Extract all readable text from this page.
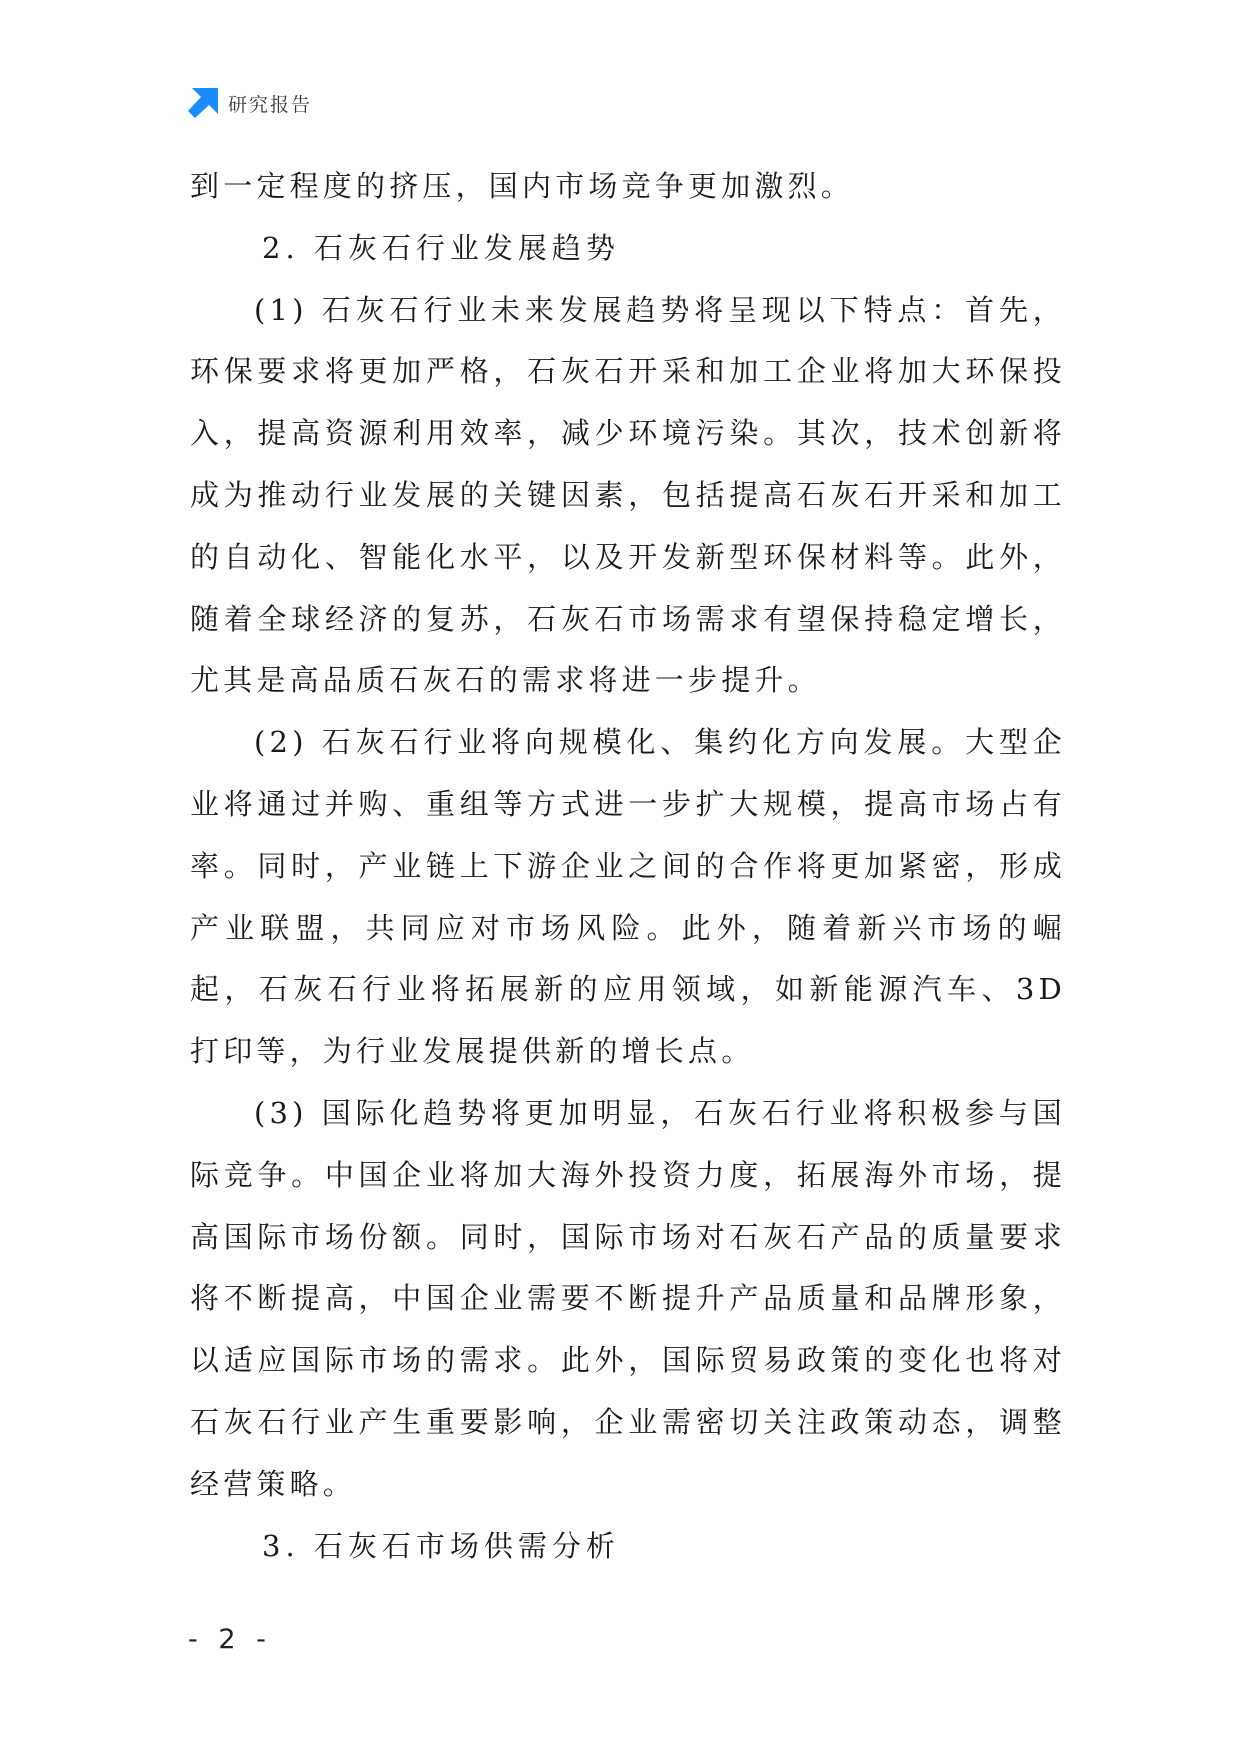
研究报告

到一定程度的挤压，国内市场竞争更加激烈。

2. 石灰石行业发展趋势

(1) 石灰石行业未来发展趋势将呈现以下特点：首先，环保要求将更加严格，石灰石开采和加工企业将加大环保投入，提高资源利用效率，减少环境污染。其次，技术创新将成为推动行业发展的关键因素，包括提高石灰石开采和加工的自动化、智能化水平，以及开发新型环保材料等。此外，随着全球经济的复苏，石灰石市场需求有望保持稳定增长，尤其是高品质石灰石的需求将进一步提升。

(2) 石灰石行业将向规模化、集约化方向发展。大型企业将通过并购、重组等方式进一步扩大规模，提高市场占有率。同时，产业链上下游企业之间的合作将更加紧密，形成产业联盟，共同应对市场风险。此外，随着新兴市场的崛起，石灰石行业将拓展新的应用领域，如新能源汽车、3D 打印等，为行业发展提供新的增长点。

(3) 国际化趋势将更加明显，石灰石行业将积极参与国际竞争。中国企业将加大海外投资力度，拓展海外市场，提高国际市场份额。同时，国际市场对石灰石产品的质量要求将不断提高，中国企业需要不断提升产品质量和品牌形象，以适应国际市场的需求。此外，国际贸易政策的变化也将对石灰石行业产生重要影响，企业需密切关注政策动态，调整经营策略。

3. 石灰石市场供需分析

- 2 -
